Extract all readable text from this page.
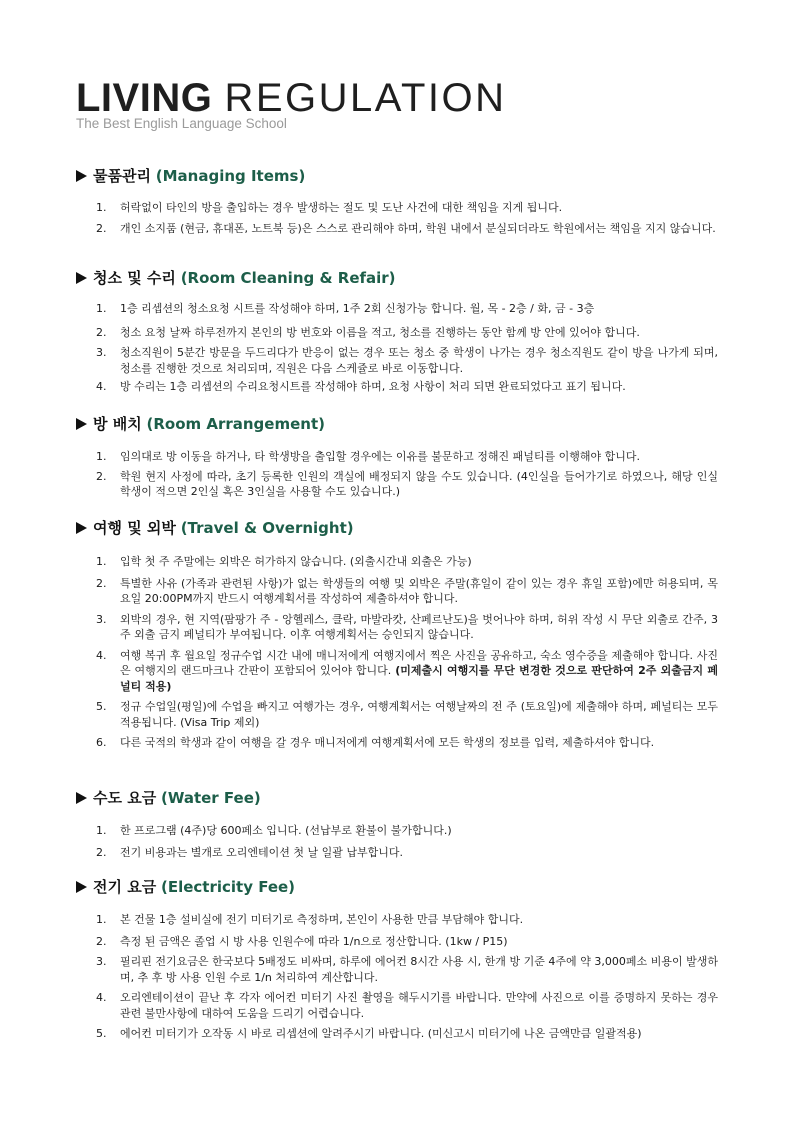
LIVING REGULATION
The Best English Language School
물품관리 (Managing Items)
1.	허락없이 타인의 방을 출입하는 경우 발생하는 절도 및 도난 사건에 대한 책임을 지게 됩니다.
2.	개인 소지품 (현금, 휴대폰, 노트북 등)은 스스로 관리해야 하며, 학원 내에서 분실되더라도 학원에서는 책임을 지지 않습니다.
청소 및 수리 (Room Cleaning & Refair)
1.	1층 리셉션의 청소요청 시트를 작성해야 하며, 1주 2회 신청가능 합니다. 월, 목 - 2층 / 화, 금 - 3층
2.	청소 요청 날짜 하루전까지 본인의 방 번호와 이름을 적고, 청소를 진행하는 동안 함께 방 안에 있어야 합니다.
3.	청소직원이 5분간 방문을 두드리다가 반응이 없는 경우 또는 청소 중 학생이 나가는 경우 청소직원도 같이 방을 나가게 되며, 청소를 진행한 것으로 처리되며, 직원은 다음 스케쥴로 바로 이동합니다.
4.	방 수리는 1층 리셉션의 수리요청시트를 작성해야 하며, 요청 사항이 처리 되면 완료되었다고 표기 됩니다.
방 배치 (Room Arrangement)
1.	임의대로 방 이동을 하거나, 타 학생방을 출입할 경우에는 이유를 불문하고 정해진 패널티를 이행해야 합니다.
2.	학원 현지 사정에 따라, 초기 등록한 인원의 객실에 배정되지 않을 수도 있습니다. (4인실을 들어가기로 하였으나, 해당 인실 학생이 적으면 2인실 혹은 3인실을 사용할 수도 있습니다.)
여행 및 외박 (Travel & Overnight)
1.	입학 첫 주 주말에는 외박은 허가하지 않습니다. (외출시간내 외출은 가능)
2.	특별한 사유 (가족과 관련된 사항)가 없는 학생들의 여행 및 외박은 주말(휴일이 같이 있는 경우 휴일 포함)에만 허용되며, 목요일 20:00PM까지 반드시 여행계획서를 작성하여 제출하셔야 합니다.
3.	외박의 경우, 현 지역(팜팡가 주 - 앙헬레스, 클락, 마발라캇, 산페르난도)을 벗어나야 하며, 허위 작성 시 무단 외출로 간주, 3주 외출 금지 페널티가 부여됩니다. 이후 여행계획서는 승인되지 않습니다.
4.	여행 복귀 후 월요일 정규수업 시간 내에 매니저에게 여행지에서 찍은 사진을 공유하고, 숙소 영수증을 제출해야 합니다. 사진은 여행지의 랜드마크나 간판이 포함되어 있어야 합니다. (미제출시 여행지를 무단 변경한 것으로 판단하여 2주 외출금지 페널티 적용)
5.	정규 수업일(평일)에 수업을 빠지고 여행가는 경우, 여행계획서는 여행날짜의 전 주 (토요일)에 제출해야 하며, 페널티는 모두 적용됩니다. (Visa Trip 제외)
6.	다른 국적의 학생과 같이 여행을 갈 경우 매니저에게 여행계획서에 모든 학생의 정보를 입력, 제출하셔야 합니다.
수도 요금 (Water Fee)
1.	한 프로그램 (4주)당 600페소 입니다. (선납부로 환불이 불가합니다.)
2.	전기 비용과는 별개로 오리엔테이션 첫 날 일괄 납부합니다.
전기 요금 (Electricity Fee)
1.	본 건물 1층 설비실에 전기 미터기로 측정하며, 본인이 사용한 만큼 부담해야 합니다.
2.	측정 된 금액은 졸업 시 방 사용 인원수에 따라 1/n으로 정산합니다. (1kw / P15)
3.	필리핀 전기요금은 한국보다 5배정도 비싸며, 하루에 에어컨 8시간 사용 시, 한개 방 기준 4주에 약 3,000페소 비용이 발생하며, 추 후 방 사용 인원 수로 1/n 처리하여 계산합니다.
4.	오리엔테이션이 끝난 후 각자 에어컨 미터기 사진 촬영을 해두시기를 바랍니다. 만약에 사진으로 이를 증명하지 못하는 경우 관련 불만사항에 대하여 도움을 드리기 어렵습니다.
5.	에어컨 미터기가 오작동 시 바로 리셉션에 알려주시기 바랍니다. (미신고시 미터기에 나온 금액만큼 일괄적용)
